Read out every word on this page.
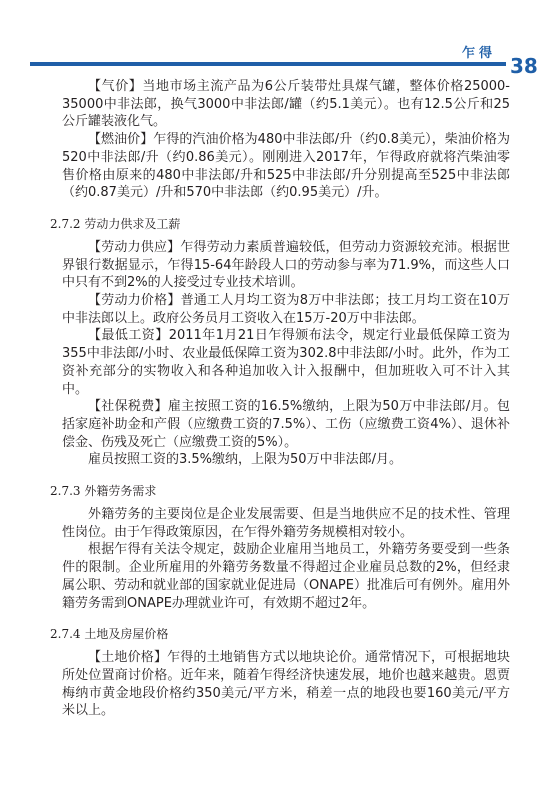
乍得
38

【气价】当地市场主流产品为6公斤装带灶具煤气罐，整体价格25000-35000中非法郎，换气3000中非法郎/罐（约5.1美元）。也有12.5公斤和25公斤罐装液化气。

【燃油价】乍得的汽油价格为480中非法郎/升（约0.8美元），柴油价格为520中非法郎/升（约0.86美元）。刚刚进入2017年，乍得政府就将汽柴油零售价格由原来的480中非法郎/升和525中非法郎/升分别提高至525中非法郎（约0.87美元）/升和570中非法郎（约0.95美元）/升。

2.7.2 劳动力供求及工薪

【劳动力供应】乍得劳动力素质普遍较低，但劳动力资源较充沛。根据世界银行数据显示，乍得15-64年龄段人口的劳动参与率为71.9%，而这些人口中只有不到2%的人接受过专业技术培训。

【劳动力价格】普通工人月均工资为8万中非法郎；技工月均工资在10万中非法郎以上。政府公务员月工资收入在15万-20万中非法郎。

【最低工资】2011年1月21日乍得颁布法令，规定行业最低保障工资为355中非法郎/小时、农业最低保障工资为302.8中非法郎/小时。此外，作为工资补充部分的实物收入和各种追加收入计入报酬中，但加班收入可不计入其中。

【社保税费】雇主按照工资的16.5%缴纳，上限为50万中非法郎/月。包括家庭补助金和产假（应缴费工资的7.5%）、工伤（应缴费工资4%）、退休补偿金、伤残及死亡（应缴费工资的5%）。

雇员按照工资的3.5%缴纳，上限为50万中非法郎/月。

2.7.3 外籍劳务需求

外籍劳务的主要岗位是企业发展需要、但是当地供应不足的技术性、管理性岗位。由于乍得政策原因，在乍得外籍劳务规模相对较小。

根据乍得有关法令规定，鼓励企业雇用当地员工，外籍劳务要受到一些条件的限制。企业所雇用的外籍劳务数量不得超过企业雇员总数的2%，但经隶属公职、劳动和就业部的国家就业促进局（ONAPE）批准后可有例外。雇用外籍劳务需到ONAPE办理就业许可，有效期不超过2年。

2.7.4 土地及房屋价格

【土地价格】乍得的土地销售方式以地块论价。通常情况下，可根据地块所处位置商讨价格。近年来，随着乍得经济快速发展，地价也越来越贵。恩贾梅纳市黄金地段价格约350美元/平方米，稍差一点的地段也要160美元/平方米以上。
